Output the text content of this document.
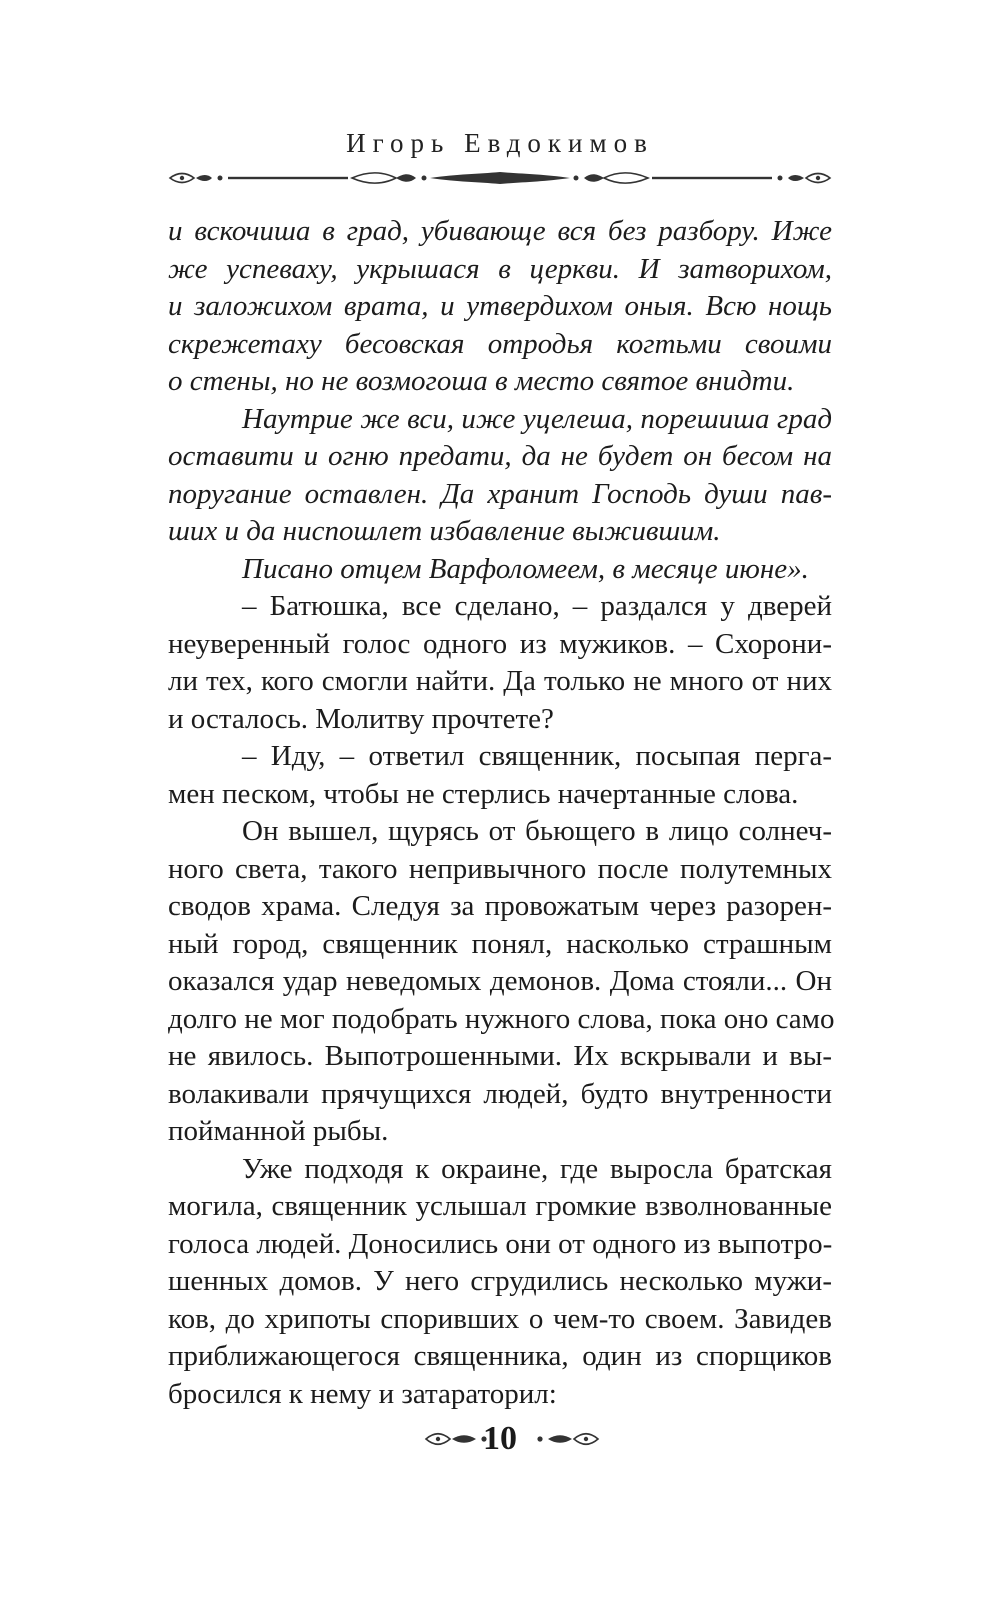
Игорь Евдокимов

и вскочиша в град, убивающе вся без разбору. Иже
же успеваху, укрышася в церкви. И затворихом,
и заложихом врата, и утвердихом оныя. Всю нощь
скрежетаху бесовская отродья когтьми своими
о стены, но не возмогоша в место святое внидти.

Наутрие же вси, иже уцелеша, порешиша град
оставити и огню предати, да не будет он бесом на
поругание оставлен. Да хранит Господь души пав-
ших и да ниспошлет избавление выжившим.

Писано отцем Варфоломеем, в месяце июне».

– Батюшка, все сделано, – раздался у дверей
неуверенный голос одного из мужиков. – Схорони-
ли тех, кого смогли найти. Да только не много от них
и осталось. Молитву прочтете?

– Иду, – ответил священник, посыпая перга-
мен песком, чтобы не стерлись начертанные слова.

Он вышел, щурясь от бьющего в лицо солнеч-
ного света, такого непривычного после полутемных
сводов храма. Следуя за провожатым через разорен-
ный город, священник понял, насколько страшным
оказался удар неведомых демонов. Дома стояли... Он
долго не мог подобрать нужного слова, пока оно само
не явилось. Выпотрошенными. Их вскрывали и вы-
волакивали прячущихся людей, будто внутренности
пойманной рыбы.

Уже подходя к окраине, где выросла братская
могила, священник услышал громкие взволнованные
голоса людей. Доносились они от одного из выпотро-
шенных домов. У него сгрудились несколько мужи-
ков, до хрипоты споривших о чем-то своем. Завидев
приближающегося священника, один из спорщиков
бросился к нему и затараторил:

10
